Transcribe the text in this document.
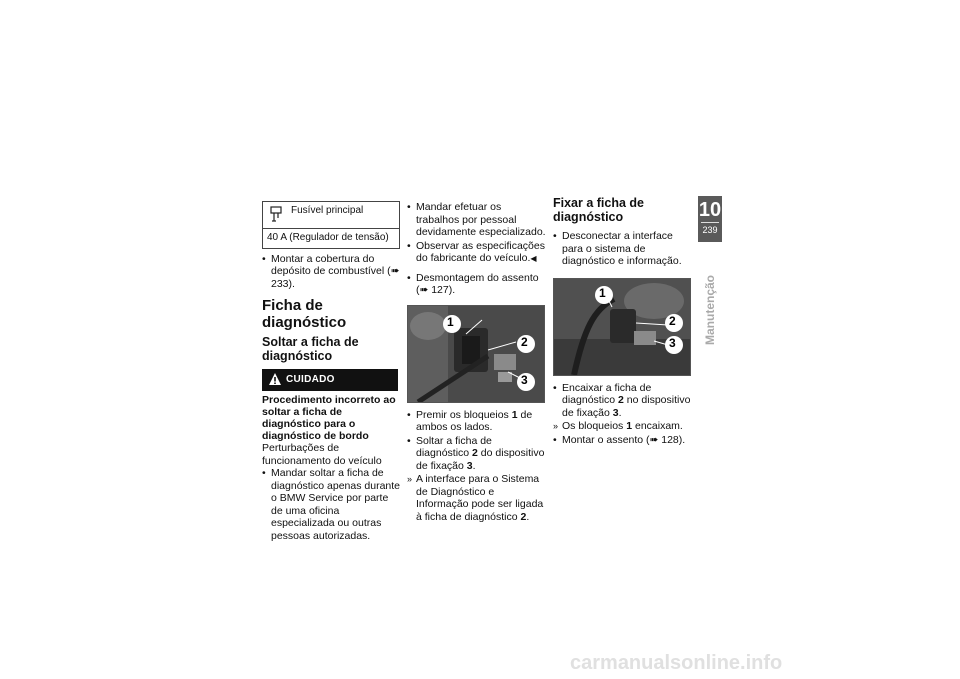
Fusível principal
40 A (Regulador de tensão)
• Montar a cobertura do depósito de combustível (➠ 233).
Ficha de diagnóstico
Soltar a ficha de diagnóstico
CUIDADO
Procedimento incorreto ao soltar a ficha de diagnóstico para o diagnóstico de bordo
Perturbações de funcionamento do veículo
• Mandar soltar a ficha de diagnóstico apenas durante o BMW Service por parte de uma oficina especializada ou outras pessoas autorizadas.
• Mandar efetuar os trabalhos por pessoal devidamente especializado.
• Observar as especificações do fabricante do veículo.◀
• Desmontagem do assento (➠ 127).
1
2
3
• Premir os bloqueios 1 de ambos os lados.
• Soltar a ficha de diagnóstico 2 do dispositivo de fixação 3.
» A interface para o Sistema de Diagnóstico e Informação pode ser ligada à ficha de diagnóstico 2.
Fixar a ficha de diagnóstico
• Desconectar a interface para o sistema de diagnóstico e informação.
1
2
3
• Encaixar a ficha de diagnóstico 2 no dispositivo de fixação 3.
» Os bloqueios 1 encaixam.
• Montar o assento (➠ 128).
10
239
Manutenção
carmanualsonline.info
